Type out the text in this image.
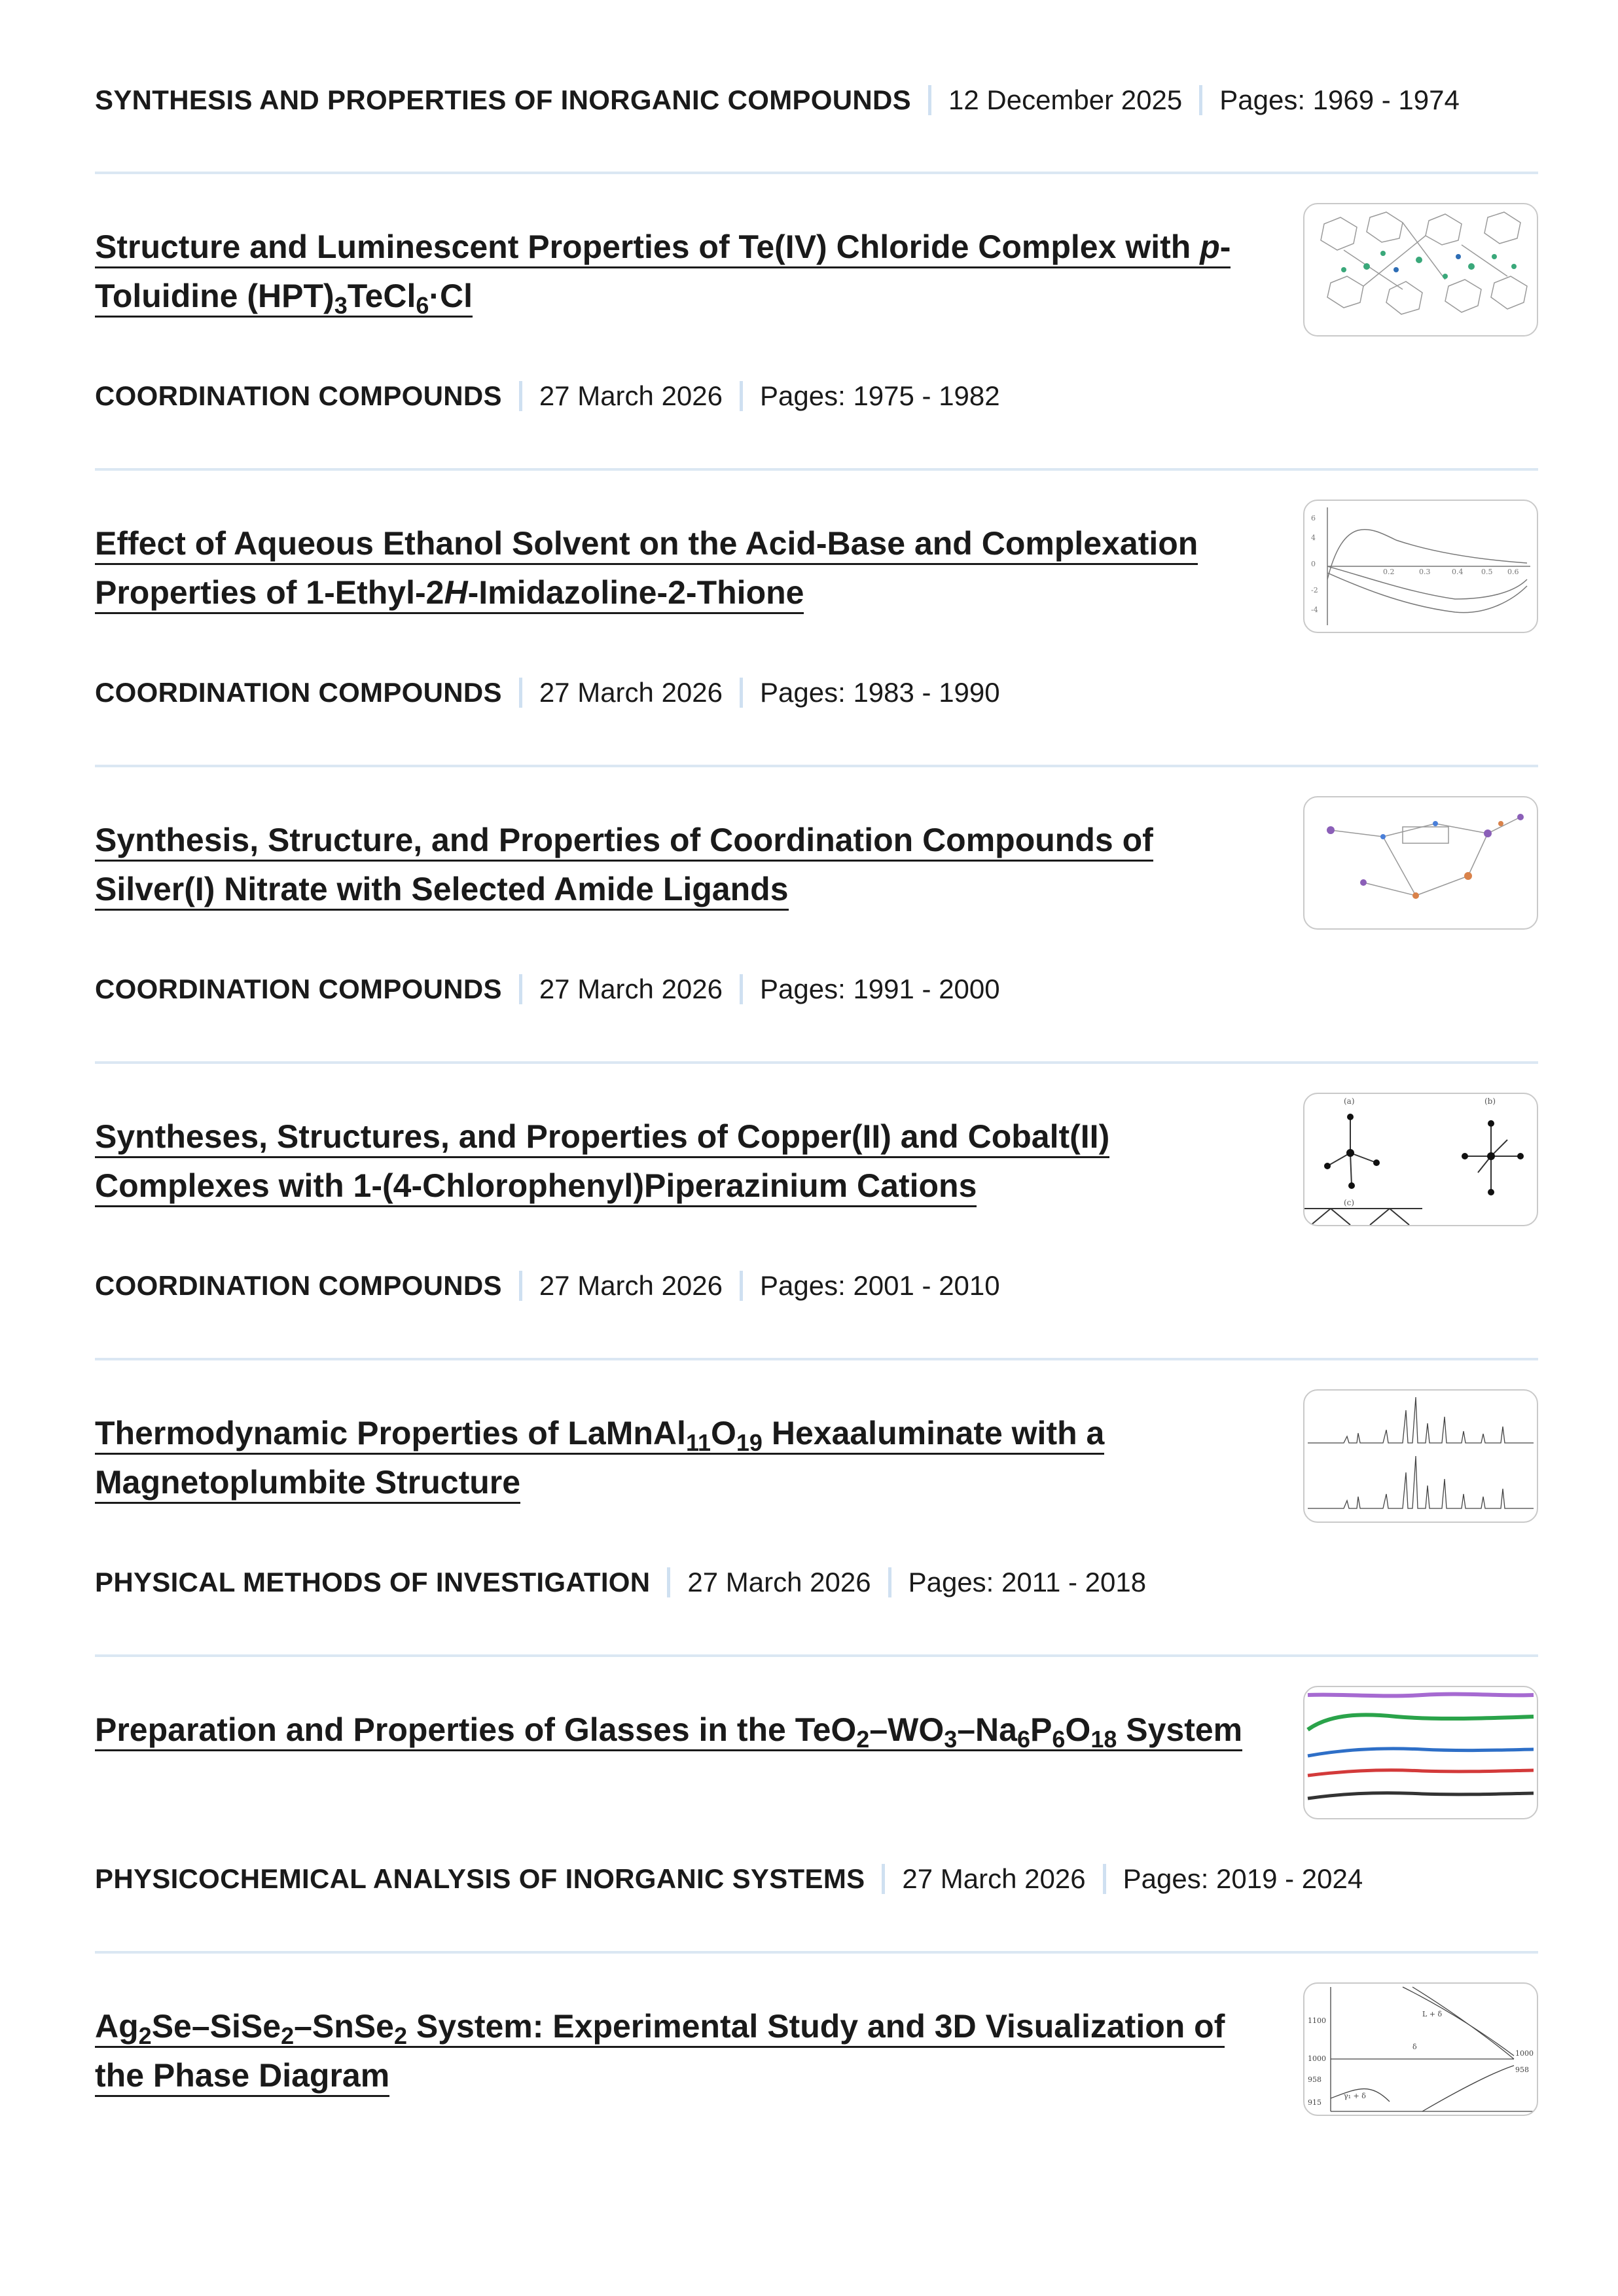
SYNTHESIS AND PROPERTIES OF INORGANIC COMPOUNDS 12 December 2025 Pages: 1969 - 1974
Structure and Luminescent Properties of Te(IV) Chloride Complex with p-Toluidine $(HPT)_3TeCl_6\cdot Cl$
COORDINATION COMPOUNDS 27 March 2026 Pages: 1975 - 1982
Effect of Aqueous Ethanol Solvent on the Acid-Base and Complexation Properties of 1-Ethyl-2H-Imidazoline-2-Thione
6
4
0
-2
-4
0.2	0.3	0.4	0.5 0.6
COORDINATION COMPOUNDS 27 March 2026 Pages: 1983 - 1990
Synthesis, Structure, and Properties of Coordination Compounds of Silver(I) Nitrate with Selected Amide Ligands
COORDINATION COMPOUNDS 27 March 2026 Pages: 1991 - 2000
Syntheses, Structures, and Properties of Copper(II) and Cobalt(II) Complexes with 1-(4-Chlorophenyl)Piperazinium Cations
(a)	(b)
(c)
COORDINATION COMPOUNDS 27 March 2026 Pages: 2001 - 2010
Thermodynamic Properties of $LaMnAl_{11}O_{19}$ Hexaaluminate with a Magnetoplumbite Structure
PHYSICAL METHODS OF INVESTIGATION 27 March 2026 Pages: 2011 - 2018
Preparation and Properties of Glasses in the $TeO_2-WO_3-Na_6P_6O_{18}$ System
PHYSICOCHEMICAL ANALYSIS OF INORGANIC SYSTEMS 27 March 2026 Pages: 2019 - 2024
$Ag_2Se-SiSe_2-SnSe_2$ System: Experimental Study and 3D Visualization of the Phase Diagram
1100
1000
958
915
1000
958
L + δ
δ
γ₁ + δ
